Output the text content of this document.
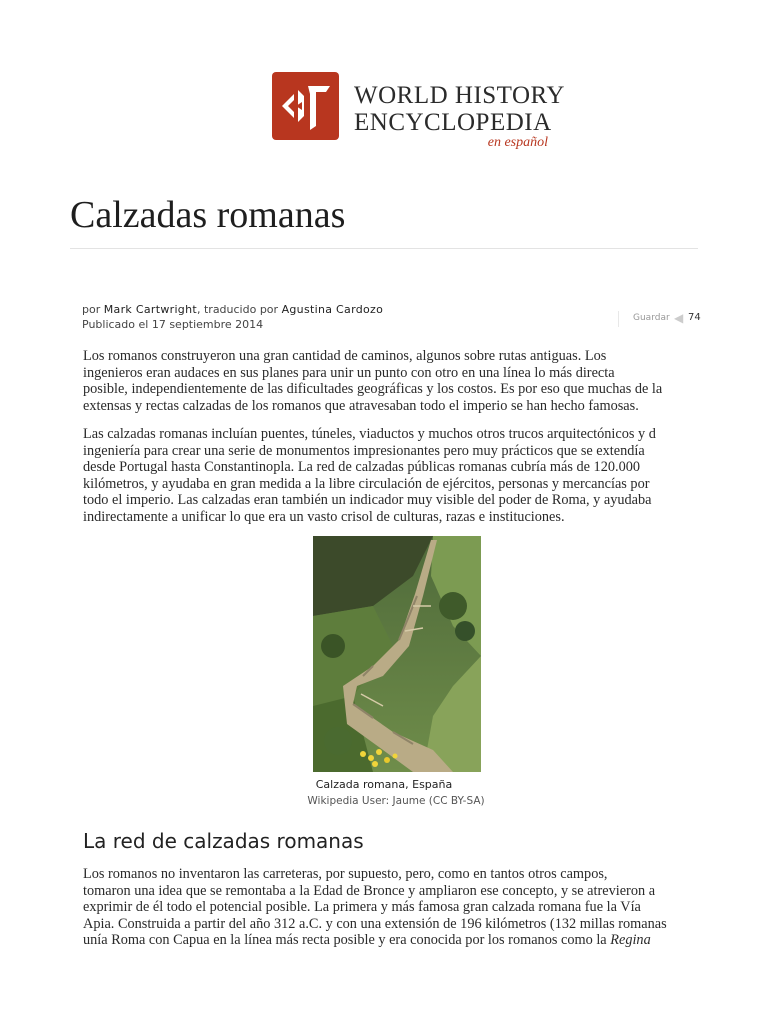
WORLD HISTORY
ENCYCLOPEDIA
en español
Calzadas romanas
por Mark Cartwright, traducido por Agustina Cardozo
Publicado el 17 septiembre 2014	Guardar ◀ 74
Los romanos construyeron una gran cantidad de caminos, algunos sobre rutas antiguas. Los
ingenieros eran audaces en sus planes para unir un punto con otro en una línea lo más directa
posible, independientemente de las dificultades geográficas y los costos. Es por eso que muchas de la
extensas y rectas calzadas de los romanos que atravesaban todo el imperio se han hecho famosas.
Las calzadas romanas incluían puentes, túneles, viaductos y muchos otros trucos arquitectónicos y d
ingeniería para crear una serie de monumentos impresionantes pero muy prácticos que se extendía
desde Portugal hasta Constantinopla. La red de calzadas públicas romanas cubría más de 120.000
kilómetros, y ayudaba en gran medida a la libre circulación de ejércitos, personas y mercancías por
todo el imperio. Las calzadas eran también un indicador muy visible del poder de Roma, y ayudaba
indirectamente a unificar lo que era un vasto crisol de culturas, razas e instituciones.
Calzada romana, España
Wikipedia User: Jaume (CC BY-SA)
La red de calzadas romanas
Los romanos no inventaron las carreteras, por supuesto, pero, como en tantos otros campos,
tomaron una idea que se remontaba a la Edad de Bronce y ampliaron ese concepto, y se atrevieron a
exprimir de él todo el potencial posible. La primera y más famosa gran calzada romana fue la Vía
Apia. Construida a partir del año 312 a.C. y con una extensión de 196 kilómetros (132 millas romanas
unía Roma con Capua en la línea más recta posible y era conocida por los romanos como la Regina
